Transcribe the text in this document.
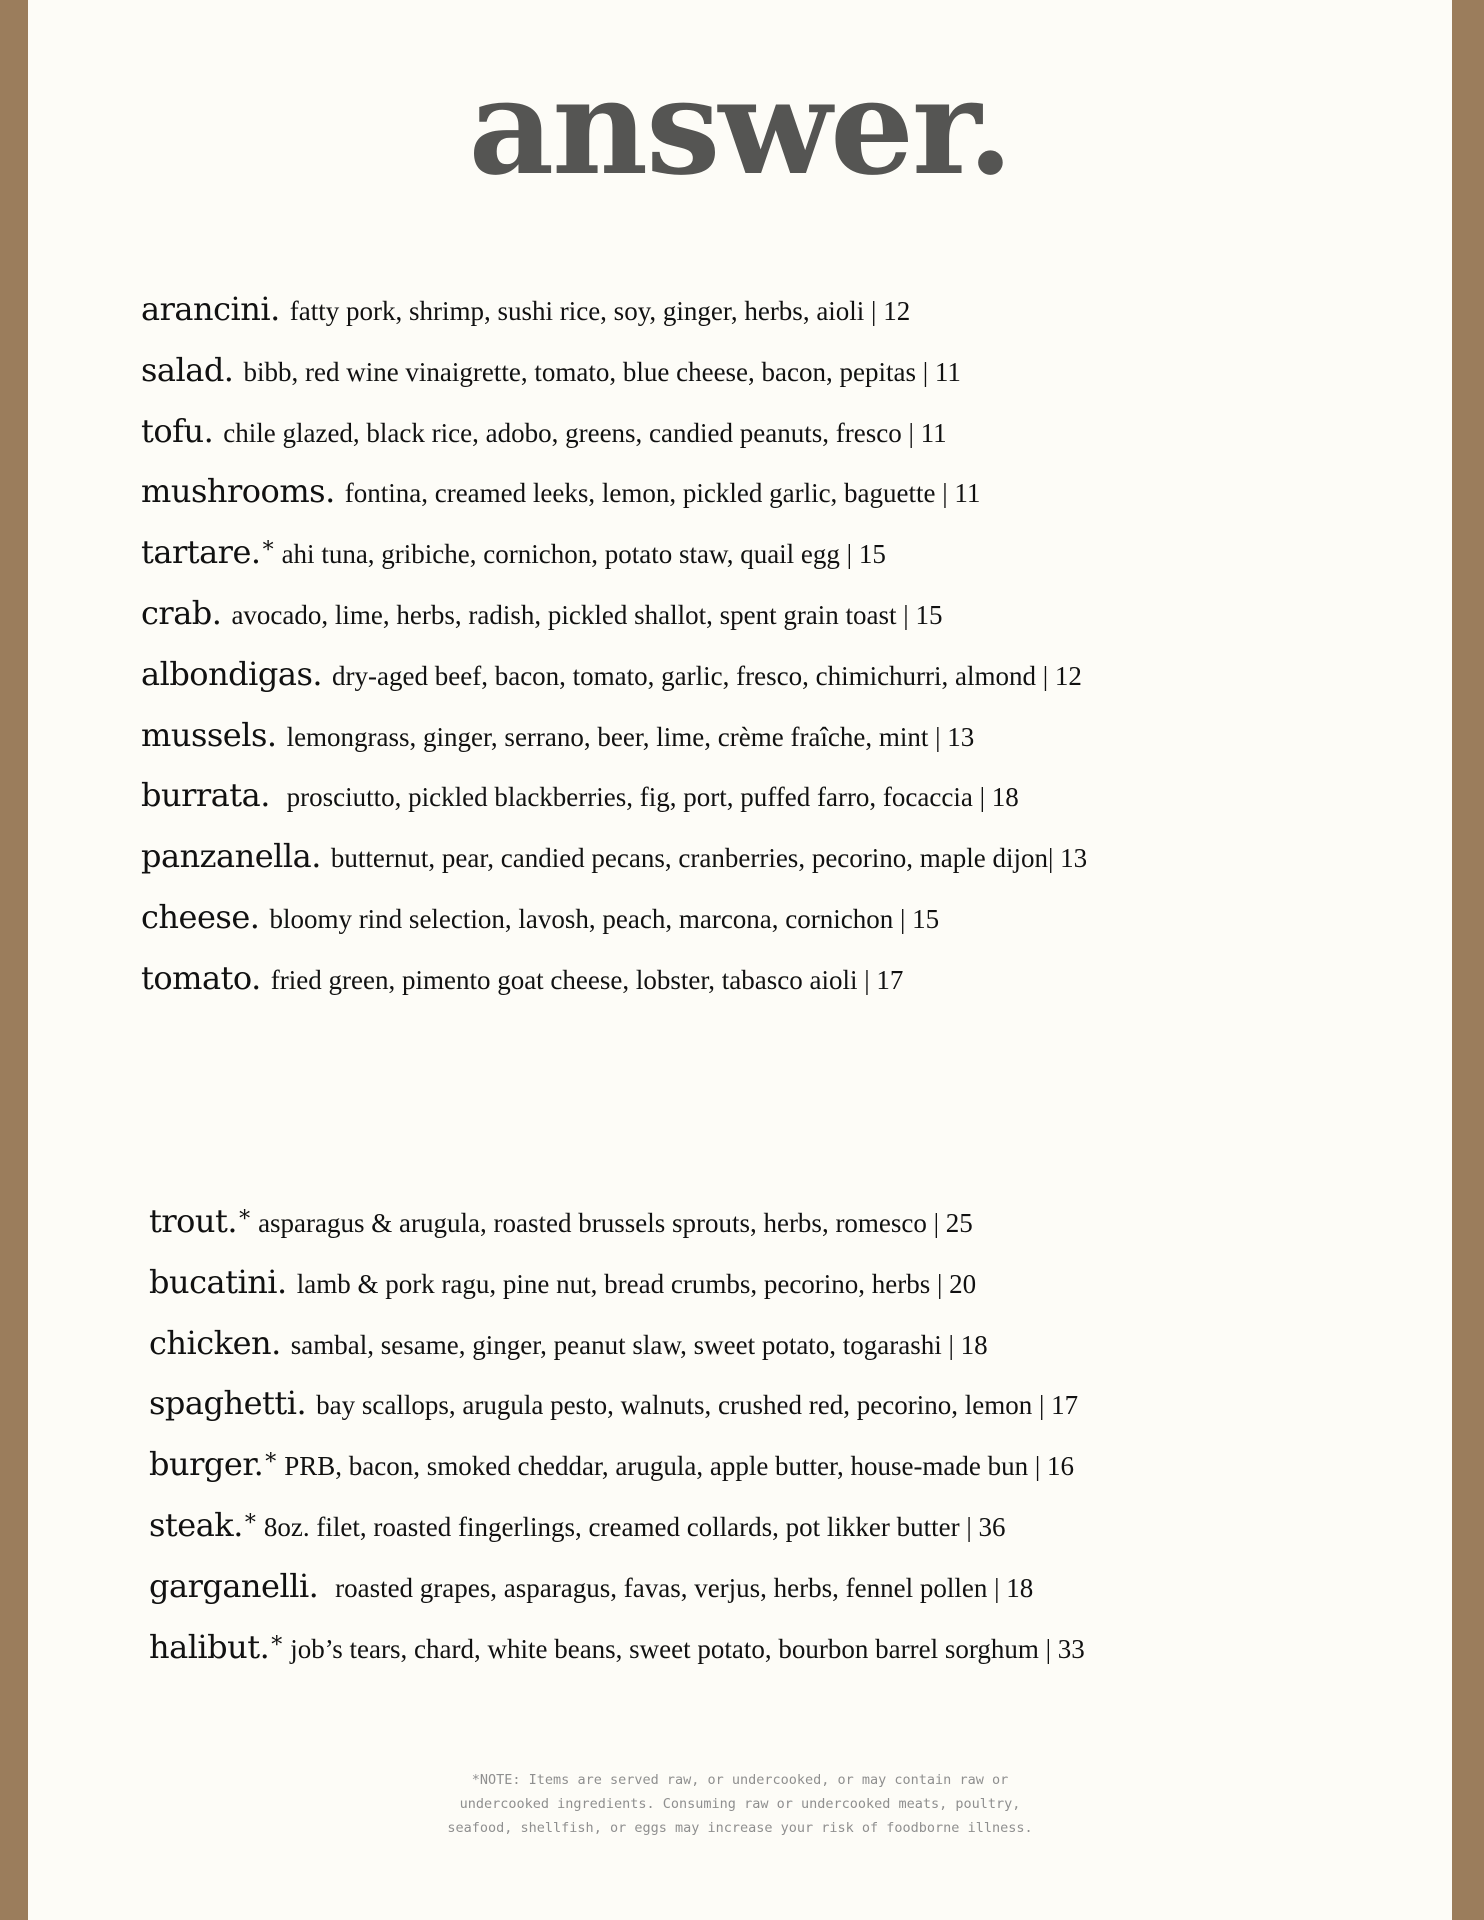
answer.
arancini. fatty pork, shrimp, sushi rice, soy, ginger, herbs, aioli | 12
salad. bibb, red wine vinaigrette, tomato, blue cheese, bacon, pepitas | 11
tofu. chile glazed, black rice, adobo, greens, candied peanuts, fresco | 11
mushrooms. fontina, creamed leeks, lemon, pickled garlic, baguette | 11
tartare.* ahi tuna, gribiche, cornichon, potato staw, quail egg | 15
crab. avocado, lime, herbs, radish, pickled shallot, spent grain toast | 15
albondigas. dry-aged beef, bacon, tomato, garlic, fresco, chimichurri, almond | 12
mussels. lemongrass, ginger, serrano, beer, lime, crème fraîche, mint | 13
burrata. prosciutto, pickled blackberries, fig, port, puffed farro, focaccia | 18
panzanella. butternut, pear, candied pecans, cranberries, pecorino, maple dijon| 13
cheese. bloomy rind selection, lavosh, peach, marcona, cornichon | 15
tomato. fried green, pimento goat cheese, lobster, tabasco aioli | 17
trout.* asparagus & arugula, roasted brussels sprouts, herbs, romesco | 25
bucatini. lamb & pork ragu, pine nut, bread crumbs, pecorino, herbs | 20
chicken. sambal, sesame, ginger, peanut slaw, sweet potato, togarashi | 18
spaghetti. bay scallops, arugula pesto, walnuts, crushed red, pecorino, lemon | 17
burger.* PRB, bacon, smoked cheddar, arugula, apple butter, house-made bun | 16
steak.* 8oz. filet, roasted fingerlings, creamed collards, pot likker butter | 36
garganelli. roasted grapes, asparagus, favas, verjus, herbs, fennel pollen | 18
halibut.* job’s tears, chard, white beans, sweet potato, bourbon barrel sorghum | 33
*NOTE: Items are served raw, or undercooked, or may contain raw or
undercooked ingredients. Consuming raw or undercooked meats, poultry,
seafood, shellfish, or eggs may increase your risk of foodborne illness.
